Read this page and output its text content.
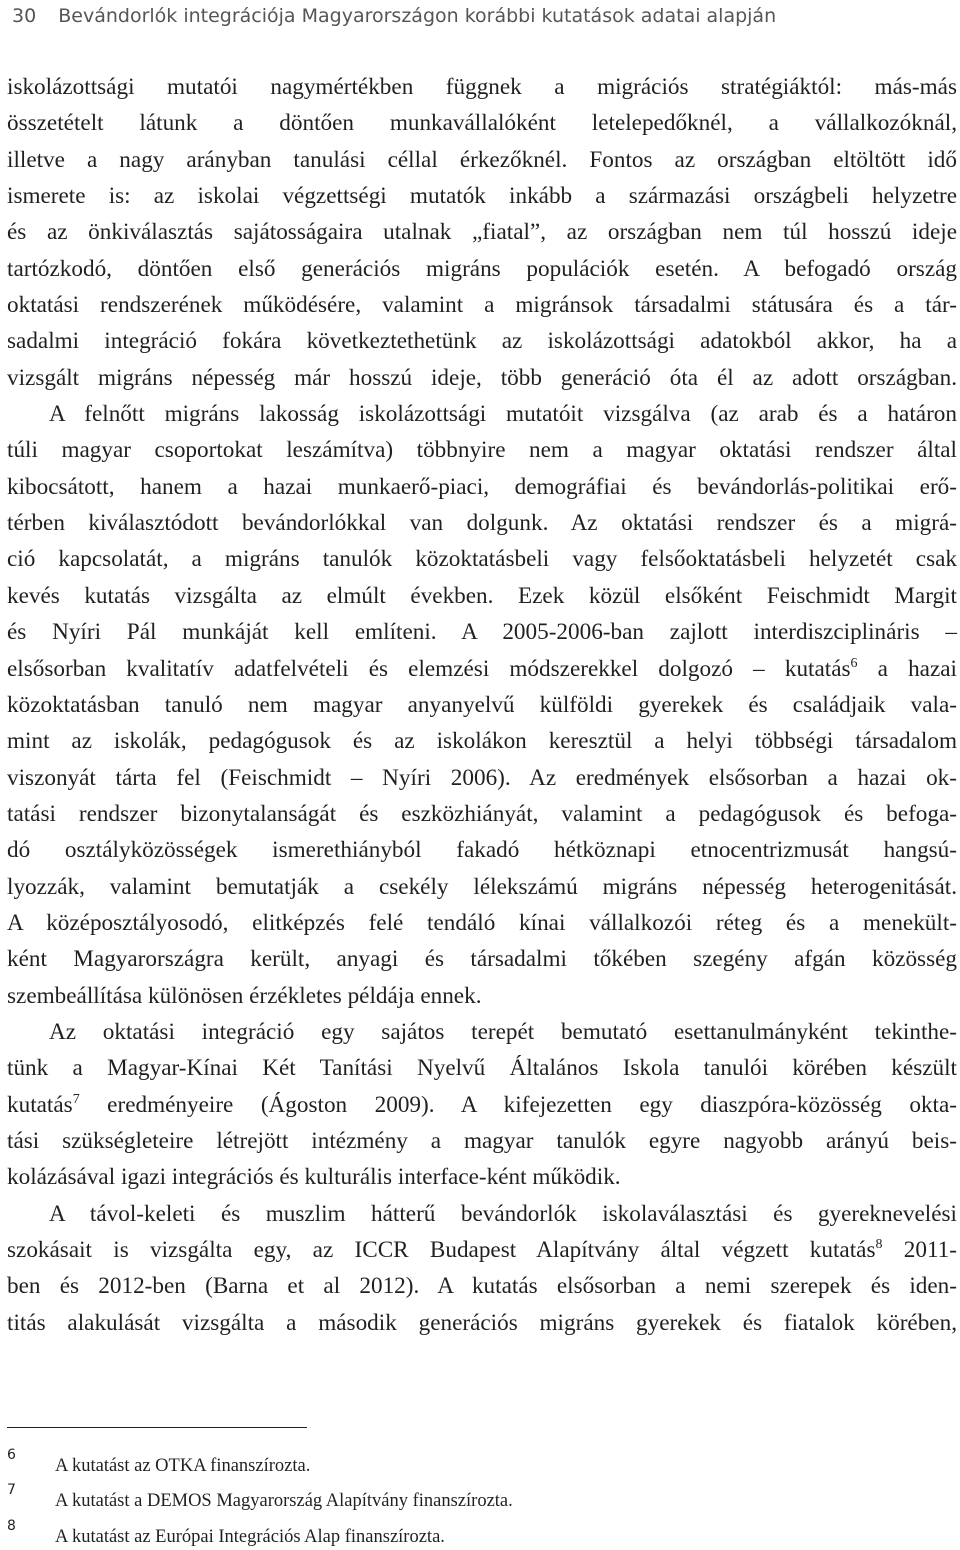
30 Bevándorlók integrációja Magyarországon korábbi kutatások adatai alapján
iskolázottsági mutatói nagymértékben függnek a migrációs stratégiáktól: más-más
összetételt látunk a döntően munkavállalóként letelepedőknél, a vállalkozóknál,
illetve a nagy arányban tanulási céllal érkezőknél. Fontos az országban eltöltött idő
ismerete is: az iskolai végzettségi mutatók inkább a származási országbeli helyzetre
és az önkiválasztás sajátosságaira utalnak „fiatal”, az országban nem túl hosszú ideje
tartózkodó, döntően első generációs migráns populációk esetén. A befogadó ország
oktatási rendszerének működésére, valamint a migránsok társadalmi státusára és a tár-
sadalmi integráció fokára következtethetünk az iskolázottsági adatokból akkor, ha a
vizsgált migráns népesség már hosszú ideje, több generáció óta él az adott országban.
A felnőtt migráns lakosság iskolázottsági mutatóit vizsgálva (az arab és a határon
túli magyar csoportokat leszámítva) többnyire nem a magyar oktatási rendszer által
kibocsátott, hanem a hazai munkaerő-piaci, demográfiai és bevándorlás-politikai erő-
térben kiválasztódott bevándorlókkal van dolgunk. Az oktatási rendszer és a migrá-
ció kapcsolatát, a migráns tanulók közoktatásbeli vagy felsőoktatásbeli helyzetét csak
kevés kutatás vizsgálta az elmúlt években. Ezek közül elsőként Feischmidt Margit
és Nyíri Pál munkáját kell említeni. A 2005-2006-ban zajlott interdiszciplináris –
elsősorban kvalitatív adatfelvételi és elemzési módszerekkel dolgozó – kutatás$^6$ a hazai
közoktatásban tanuló nem magyar anyanyelvű külföldi gyerekek és családjaik vala-
mint az iskolák, pedagógusok és az iskolákon keresztül a helyi többségi társadalom
viszonyát tárta fel (Feischmidt – Nyíri 2006). Az eredmények elsősorban a hazai ok-
tatási rendszer bizonytalanságát és eszközhiányát, valamint a pedagógusok és befoga-
dó osztályközösségek ismerethiányból fakadó hétköznapi etnocentrizmusát hangsú-
lyozzák, valamint bemutatják a csekély lélekszámú migráns népesség heterogenitását.
A középosztályosodó, elitképzés felé tendáló kínai vállalkozói réteg és a menekült-
ként Magyarországra került, anyagi és társadalmi tőkében szegény afgán közösség
szembeállítása különösen érzékletes példája ennek.
Az oktatási integráció egy sajátos terepét bemutató esettanulmányként tekinthe-
tünk a Magyar-Kínai Két Tanítási Nyelvű Általános Iskola tanulói körében készült
kutatás$^7$ eredményeire (Ágoston 2009). A kifejezetten egy diaszpóra-közösség okta-
tási szükségleteire létrejött intézmény a magyar tanulók egyre nagyobb arányú beis-
kolázásával igazi integrációs és kulturális interface-ként működik.
A távol-keleti és muszlim hátterű bevándorlók iskolaválasztási és gyereknevelési
szokásait is vizsgálta egy, az ICCR Budapest Alapítvány által végzett kutatás$^8$ 2011-
ben és 2012-ben (Barna et al 2012). A kutatás elsősorban a nemi szerepek és iden-
titás alakulását vizsgálta a második generációs migráns gyerekek és fiatalok körében,
6
A kutatást az OTKA finanszírozta.
7
A kutatást a DEMOS Magyarország Alapítvány finanszírozta.
8
A kutatást az Európai Integrációs Alap finanszírozta.
